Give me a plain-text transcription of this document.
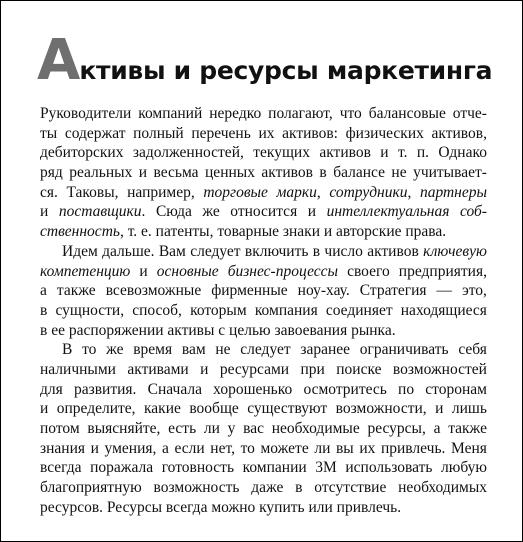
Активы и ресурсы маркетинга
Руководители компаний нередко полагают, что балансовые отче-
ты содержат полный перечень их активов: физических активов,
дебиторских задолженностей, текущих активов и т. п. Однако
ряд реальных и весьма ценных активов в балансе не учитывает-
ся. Таковы, например, торговые марки, сотрудники, партнеры
и поставщики. Сюда же относится и интеллектуальная соб-
ственность , т. е. патенты, товарные знаки и авторские права.
Идем дальше. Вам следует включить в число активов ключевую
компетенцию и основные бизнес-процессы своего предприятия,
а также всевозможные фирменные ноу-хау. Стратегия — это,
в сущности, способ, которым компания соединяет находящиеся
в ее распоряжении активы с целью завоевания рынка.
В то же время вам не следует заранее ограничивать себя
наличными активами и ресурсами при поиске возможностей
для развития. Сначала хорошенько осмотритесь по сторонам
и определите, какие вообще существуют возможности, и лишь
потом выясняйте, есть ли у вас необходимые ресурсы, а также
знания и умения, а если нет, то можете ли вы их привлечь. Меня
всегда поражала готовность компании 3М использовать любую
благоприятную возможность даже в отсутствие необходимых
ресурсов. Ресурсы всегда можно купить или привлечь.
